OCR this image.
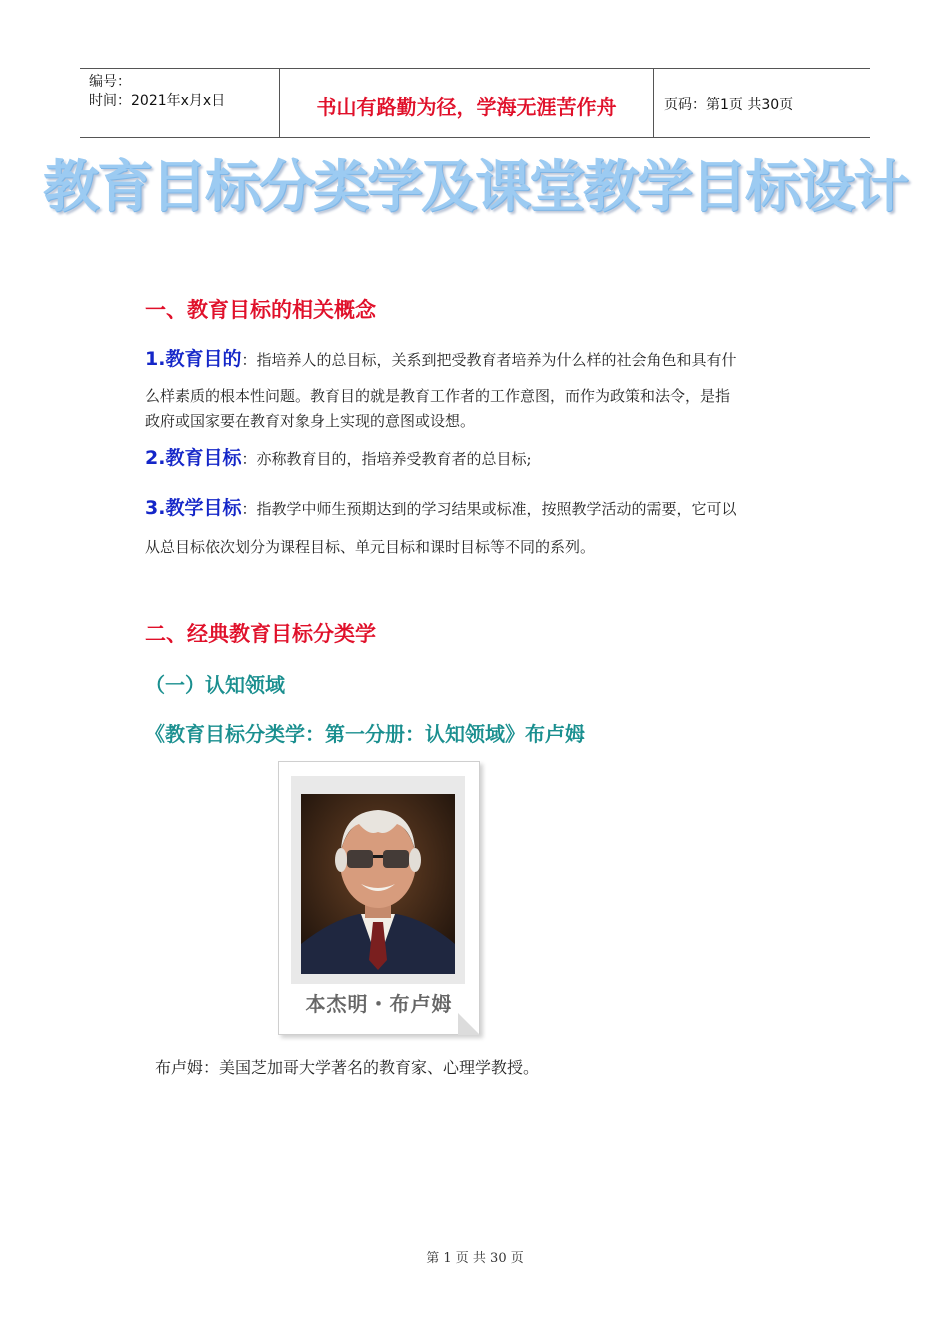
编号：
时间：2021年x月x日	书山有路勤为径，学海无涯苦作舟	页码：第1页 共30页
教育目标分类学及课堂教学目标设计
一、教育目标的相关概念
1.教育目的：指培养人的总目标，关系到把受教育者培养为什么样的社会角色和具有什
么样素质的根本性问题。教育目的就是教育工作者的工作意图，而作为政策和法令，是指
政府或国家要在教育对象身上实现的意图或设想。
2.教育目标：亦称教育目的，指培养受教育者的总目标;
3.教学目标：指教学中师生预期达到的学习结果或标准，按照教学活动的需要，它可以
从总目标依次划分为课程目标、单元目标和课时目标等不同的系列。
二、经典教育目标分类学
（一）认知领域
《教育目标分类学：第一分册：认知领域》布卢姆
本杰明・布卢姆
布卢姆：美国芝加哥大学著名的教育家、心理学教授。
第 1 页 共 30 页
